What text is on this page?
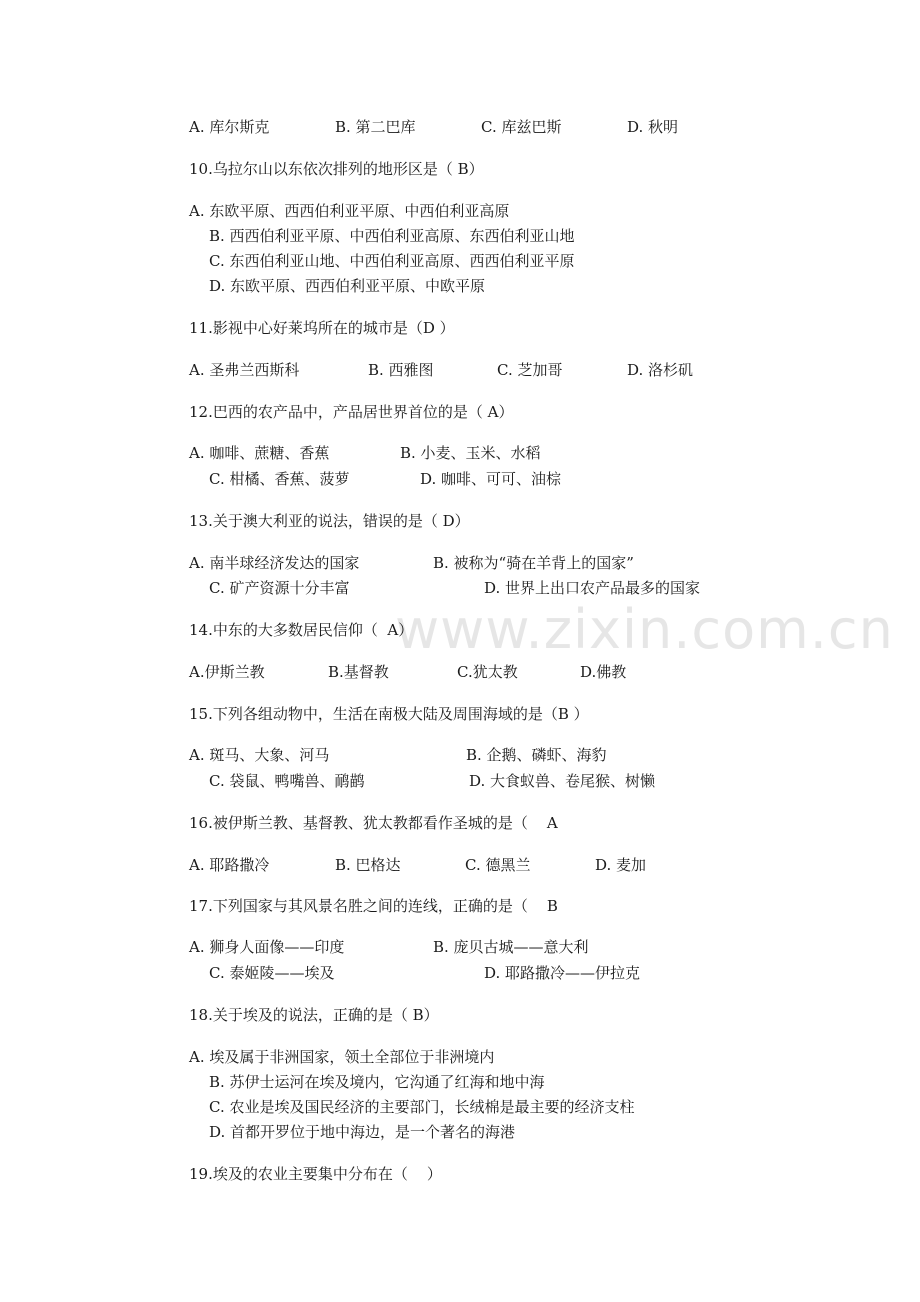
www.zixin.com.cn
A. 库尔斯克	B. 第二巴库	C. 库兹巴斯	D. 秋明
10.乌拉尔山以东依次排列的地形区是（ B）
A. 东欧平原、西西伯利亚平原、中西伯利亚高原
B. 西西伯利亚平原、中西伯利亚高原、东西伯利亚山地
C. 东西伯利亚山地、中西伯利亚高原、西西伯利亚平原
D. 东欧平原、西西伯利亚平原、中欧平原
11.影视中心好莱坞所在的城市是（D ）
A. 圣弗兰西斯科	B. 西雅图	C. 芝加哥	D. 洛杉矶
12.巴西的农产品中，产品居世界首位的是（ A）
A. 咖啡、蔗糖、香蕉	B. 小麦、玉米、水稻
C. 柑橘、香蕉、菠萝	D. 咖啡、可可、油棕
13.关于澳大利亚的说法，错误的是（ D）
A. 南半球经济发达的国家	B. 被称为“骑在羊背上的国家”
C. 矿产资源十分丰富	D. 世界上出口农产品最多的国家
14.中东的大多数居民信仰（  A）
A.伊斯兰教	B.基督教	C.犹太教	D.佛教
15.下列各组动物中，生活在南极大陆及周围海域的是（B ）
A. 斑马、大象、河马	B. 企鹅、磷虾、海豹
C. 袋鼠、鸭嘴兽、鸸鹋	D. 大食蚁兽、卷尾猴、树懒
16.被伊斯兰教、基督教、犹太教都看作圣城的是（    A
A. 耶路撒冷	B. 巴格达	C. 德黑兰	D. 麦加
17.下列国家与其风景名胜之间的连线，正确的是（    B
A. 狮身人面像——印度	B. 庞贝古城——意大利
C. 泰姬陵——埃及	D. 耶路撒冷——伊拉克
18.关于埃及的说法，正确的是（ B）
A. 埃及属于非洲国家，领土全部位于非洲境内
B. 苏伊士运河在埃及境内，它沟通了红海和地中海
C. 农业是埃及国民经济的主要部门，长绒棉是最主要的经济支柱
D. 首都开罗位于地中海边，是一个著名的海港
19.埃及的农业主要集中分布在（    ）
